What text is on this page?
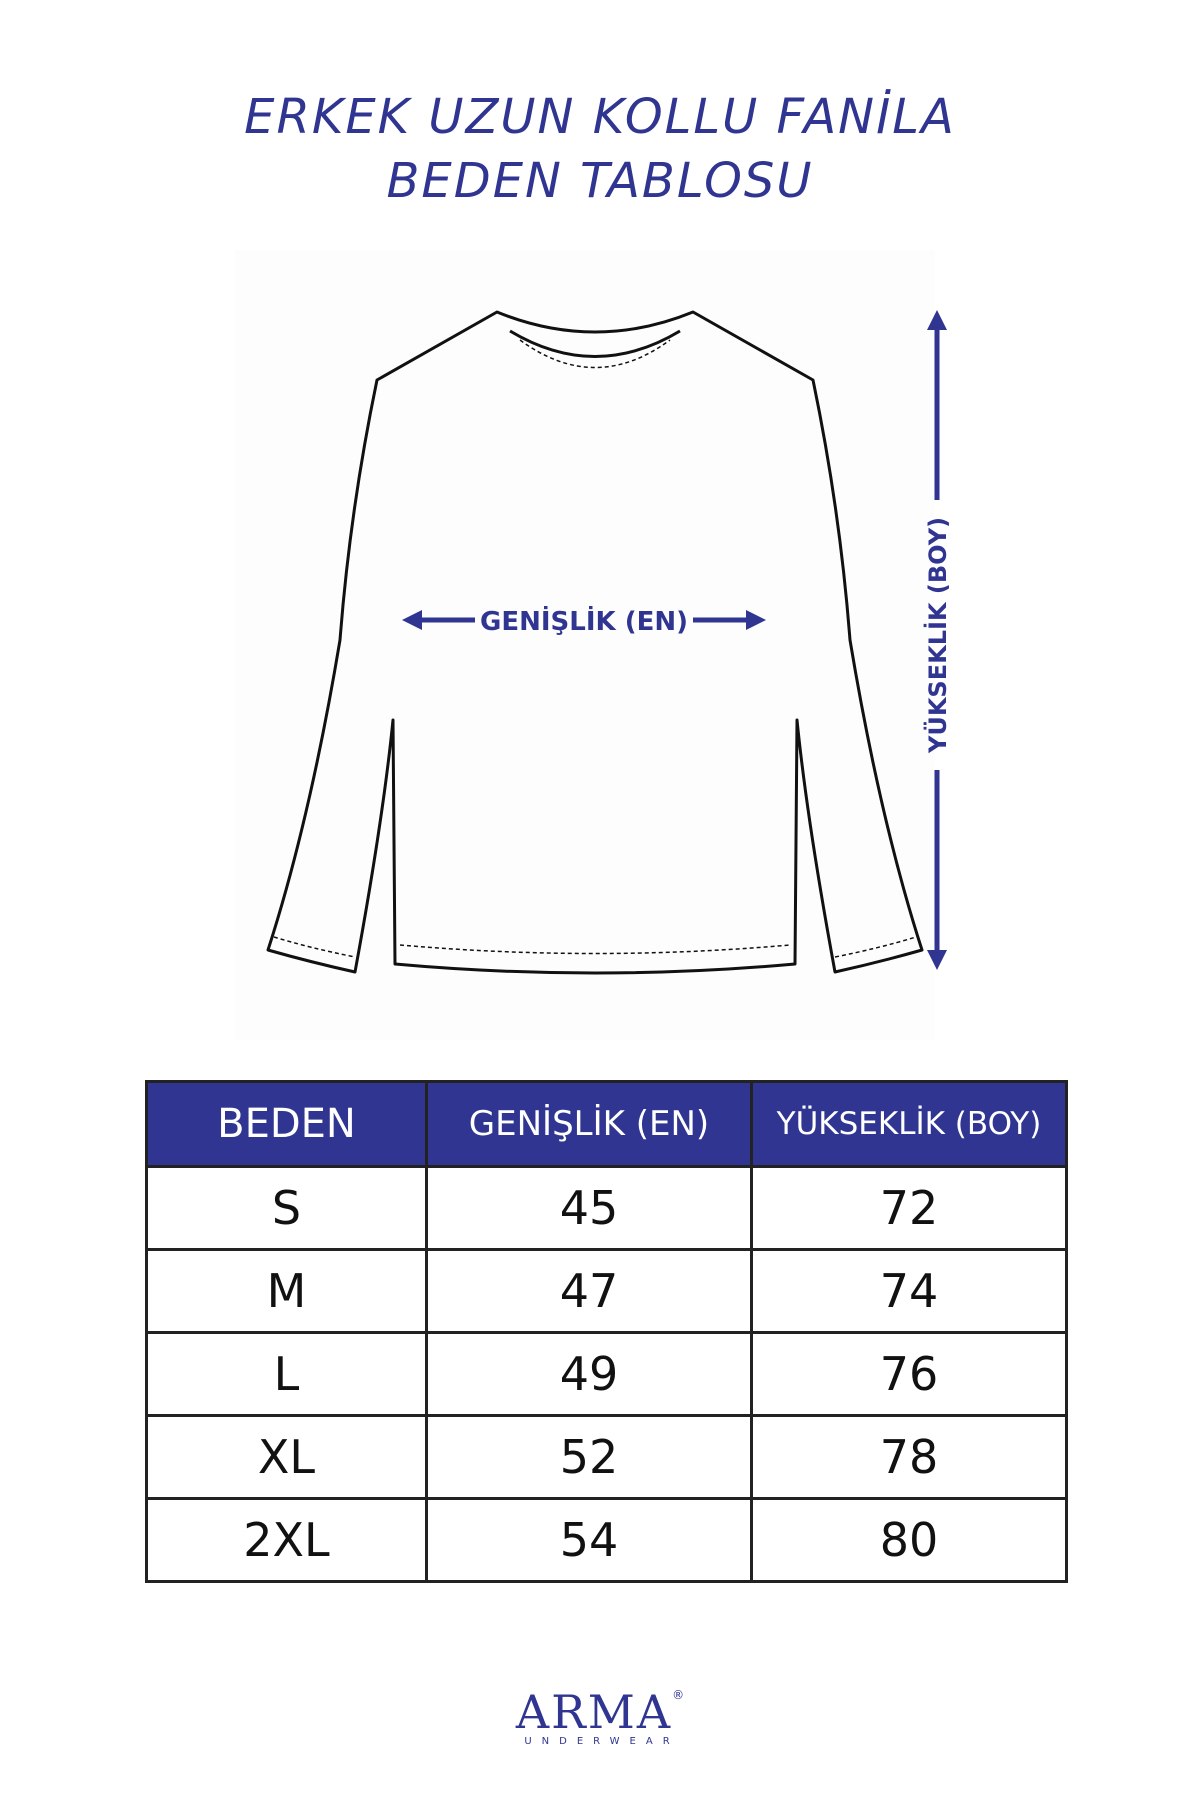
ERKEK UZUN KOLLU FANİLA
BEDEN TABLOSU
GENİŞLİK (EN)	YÜKSEKLİK (BOY)
BEDEN	GENİŞLİK (EN)	YÜKSEKLİK (BOY)
S	45	72
M	47	74
L	49	76
XL	52	78
2XL	54	80
ARMA®
UNDERWEAR
